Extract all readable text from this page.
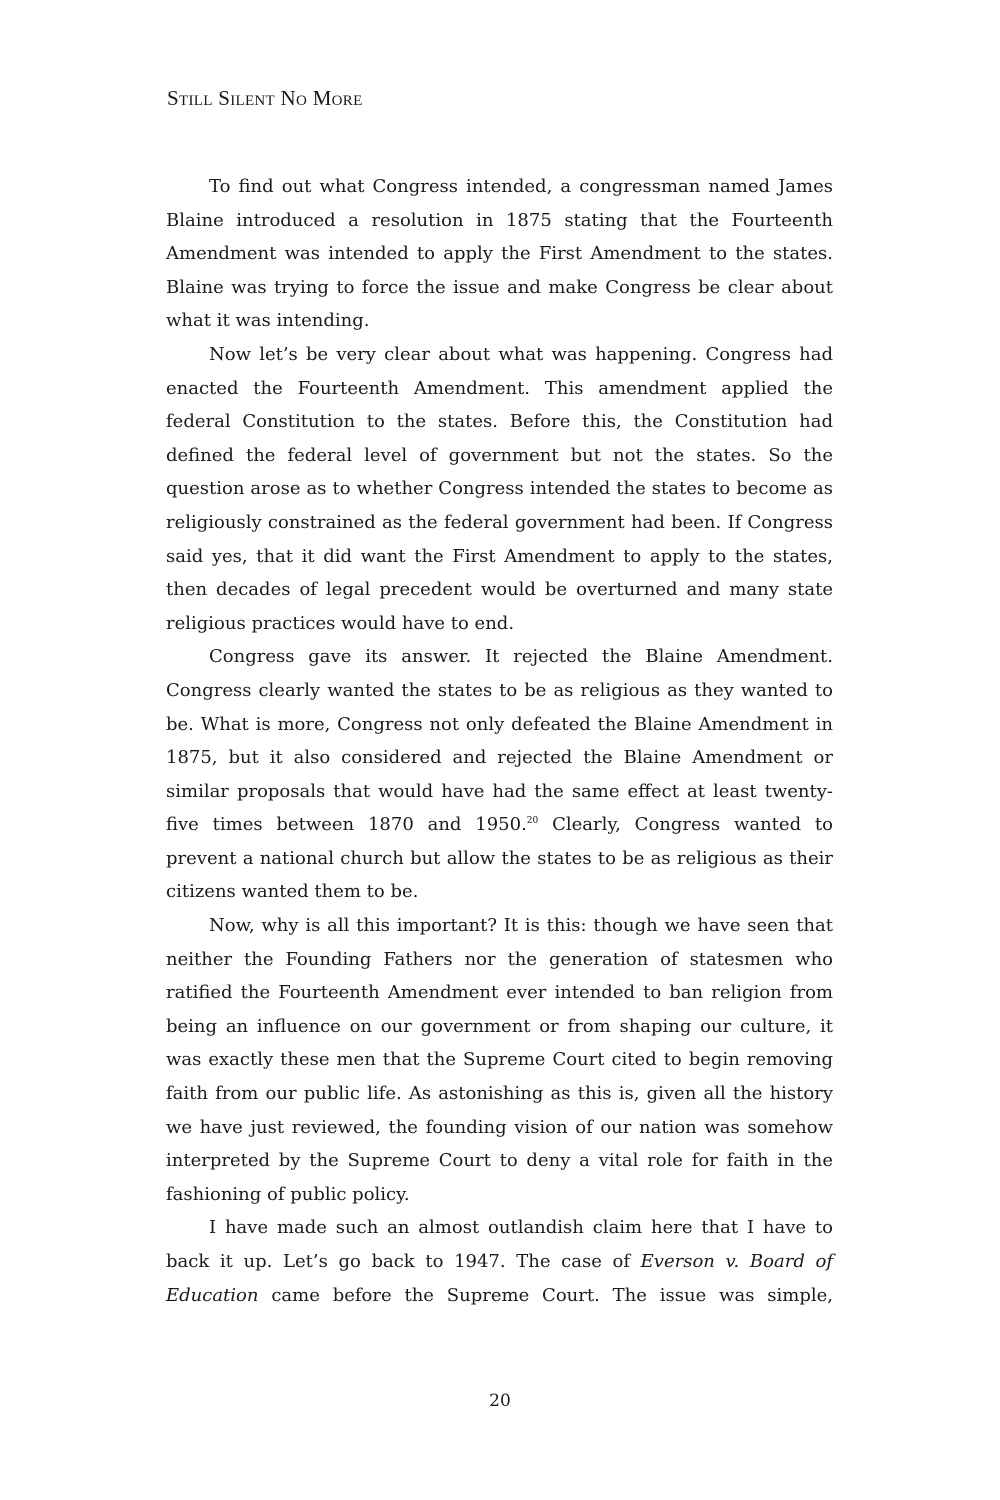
Still Silent No More

To find out what Congress intended, a congressman named James Blaine introduced a resolution in 1875 stating that the Fourteenth Amendment was intended to apply the First Amendment to the states. Blaine was trying to force the issue and make Congress be clear about what it was intending.

Now let’s be very clear about what was happening. Congress had enacted the Fourteenth Amendment. This amendment applied the federal Constitution to the states. Before this, the Constitution had defined the federal level of government but not the states. So the question arose as to whether Congress intended the states to become as religiously constrained as the federal government had been. If Congress said yes, that it did want the First Amendment to apply to the states, then decades of legal precedent would be overturned and many state religious practices would have to end.

Congress gave its answer. It rejected the Blaine Amendment. Congress clearly wanted the states to be as religious as they wanted to be. What is more, Congress not only defeated the Blaine Amendment in 1875, but it also considered and rejected the Blaine Amendment or similar proposals that would have had the same effect at least twenty-five times between 1870 and 1950.20 Clearly, Congress wanted to prevent a national church but allow the states to be as religious as their citizens wanted them to be.

Now, why is all this important? It is this: though we have seen that neither the Founding Fathers nor the generation of statesmen who ratified the Fourteenth Amendment ever intended to ban religion from being an influence on our government or from shaping our culture, it was exactly these men that the Supreme Court cited to begin removing faith from our public life. As astonishing as this is, given all the history we have just reviewed, the founding vision of our nation was somehow interpreted by the Supreme Court to deny a vital role for faith in the fashioning of public policy.

I have made such an almost outlandish claim here that I have to back it up. Let’s go back to 1947. The case of Everson v. Board of Education came before the Supreme Court. The issue was simple,

20
